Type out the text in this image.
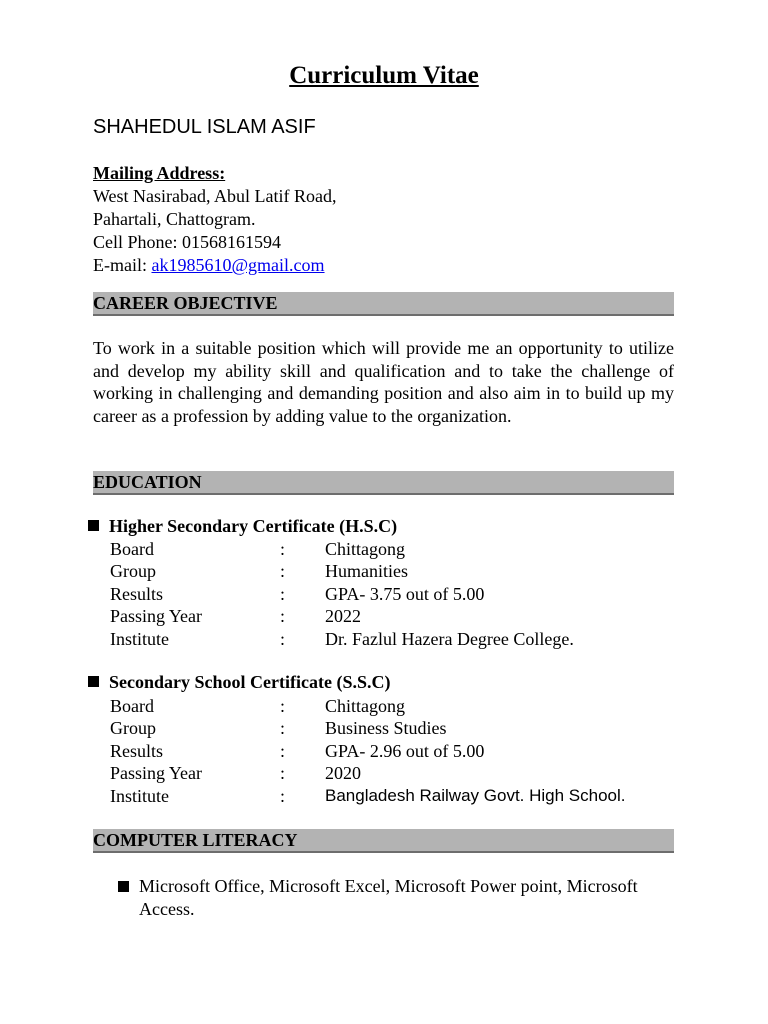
Curriculum Vitae
SHAHEDUL ISLAM ASIF
Mailing Address:
West Nasirabad, Abul Latif Road,
Pahartali, Chattogram.
Cell Phone: 01568161594
E-mail: ak1985610@gmail.com
CAREER OBJECTIVE
To work in a suitable position which will provide me an opportunity to utilize and develop my ability skill and qualification and to take the challenge of working in challenging and demanding position and also aim in to build up my career as a profession by adding value to the organization.
EDUCATION
Higher Secondary Certificate (H.S.C)
Board	: Chittagong
Group	: Humanities
Results	: GPA- 3.75 out of 5.00
Passing Year	: 2022
Institute	: Dr. Fazlul Hazera Degree College.
Secondary School Certificate (S.S.C)
Board	: Chittagong
Group	: Business Studies
Results	: GPA- 2.96 out of 5.00
Passing Year	: 2020
Institute	: Bangladesh Railway Govt. High School.
COMPUTER LITERACY
Microsoft Office, Microsoft Excel, Microsoft Power point, Microsoft Access.
